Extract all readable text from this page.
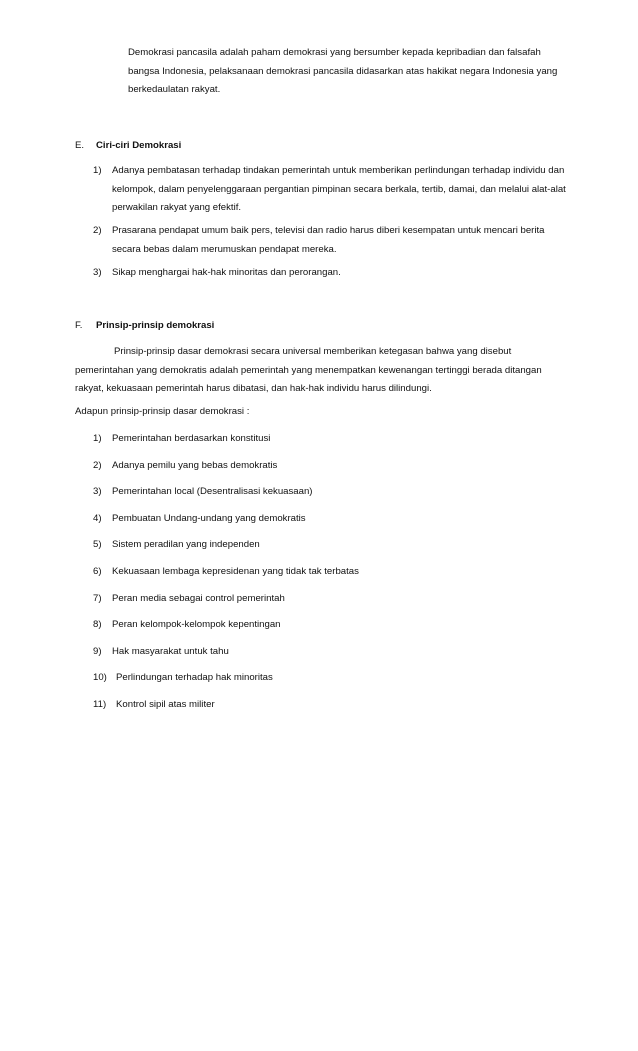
Demokrasi pancasila adalah paham demokrasi yang bersumber kepada kepribadian dan falsafah bangsa Indonesia, pelaksanaan demokrasi pancasila didasarkan atas hakikat negara Indonesia yang berkedaulatan rakyat.
E. Ciri-ciri Demokrasi
1) Adanya pembatasan terhadap tindakan pemerintah untuk memberikan perlindungan terhadap individu dan kelompok, dalam penyelenggaraan pergantian pimpinan secara berkala, tertib, damai, dan melalui alat-alat perwakilan rakyat yang efektif.
2) Prasarana pendapat umum baik pers, televisi dan radio harus diberi kesempatan untuk mencari berita secara bebas dalam merumuskan pendapat mereka.
3) Sikap menghargai hak-hak minoritas dan perorangan.
F. Prinsip-prinsip demokrasi
Prinsip-prinsip dasar demokrasi secara universal memberikan ketegasan bahwa yang disebut pemerintahan yang demokratis adalah pemerintah yang menempatkan kewenangan tertinggi berada ditangan rakyat, kekuasaan pemerintah harus dibatasi, dan hak-hak individu harus dilindungi.
Adapun prinsip-prinsip dasar demokrasi :
1) Pemerintahan berdasarkan konstitusi
2) Adanya pemilu yang bebas demokratis
3) Pemerintahan local (Desentralisasi kekuasaan)
4) Pembuatan Undang-undang yang demokratis
5) Sistem peradilan yang independen
6) Kekuasaan lembaga kepresidenan yang tidak tak terbatas
7) Peran media sebagai control pemerintah
8) Peran kelompok-kelompok kepentingan
9) Hak masyarakat untuk tahu
10) Perlindungan terhadap hak minoritas
11) Kontrol sipil atas militer
